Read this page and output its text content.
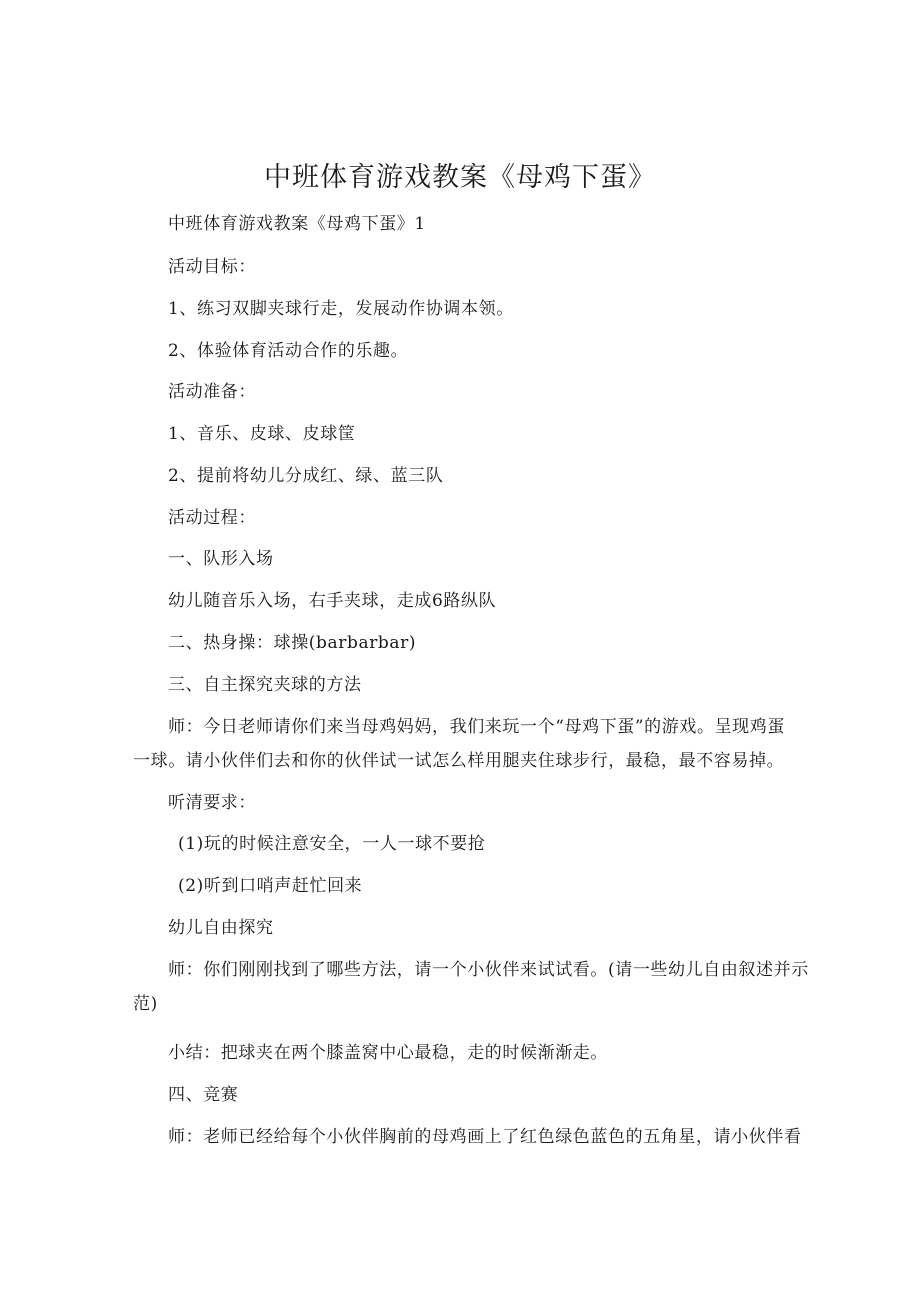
中班体育游戏教案《母鸡下蛋》

中班体育游戏教案《母鸡下蛋》1

活动目标：

1、练习双脚夹球行走，发展动作协调本领。

2、体验体育活动合作的乐趣。

活动准备：

1、音乐、皮球、皮球筐

2、提前将幼儿分成红、绿、蓝三队

活动过程：

一、队形入场

幼儿随音乐入场，右手夹球，走成6路纵队

二、热身操：球操(barbarbar)

三、自主探究夹球的方法

师：今日老师请你们来当母鸡妈妈，我们来玩一个“母鸡下蛋”的游戏。呈现鸡蛋

一球。请小伙伴们去和你的伙伴试一试怎么样用腿夹住球步行，最稳，最不容易掉。

听清要求：

(1)玩的时候注意安全，一人一球不要抢

(2)听到口哨声赶忙回来

幼儿自由探究

师：你们刚刚找到了哪些方法，请一个小伙伴来试试看。(请一些幼儿自由叙述并示

范)

小结：把球夹在两个膝盖窝中心最稳，走的时候渐渐走。

四、竞赛

师：老师已经给每个小伙伴胸前的母鸡画上了红色绿色蓝色的五角星，请小伙伴看
